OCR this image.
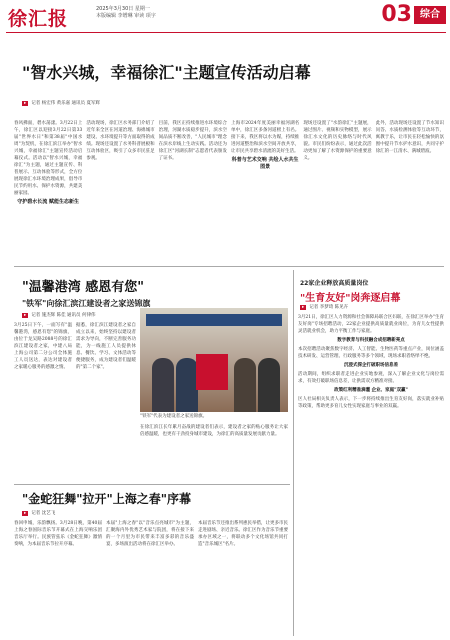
徐汇报	2025年3月30日 星期一
本版编辑 李增琳 审读 项宇	03 综合
"智水兴城，幸福徐汇"主题宣传活动启幕
▸ 记者 杨宏伟 黄乐嘉 通讯员 夏军辉

春风拂面，碧水荡漾。3月22日上午，徐汇区以迎接3月22日第33届"世界水日"和第38届"中国水周"为契机，在徐汇滨江举办"智水兴城，幸福徐汇"主题宣传活动启幕仪式。活动以"智水兴城，幸福徐汇"为主题，通过主题宣传、科普展示、互动体验等形式，全方位展现徐汇水环境治理成果，倡导市民节约用水、保护水资源，共建美丽家园。

守护碧水长流 赋能生态新生

活动现场，徐汇区水务部门介绍了近年来全区在河道治理、海绵城市建设、水环境提升等方面取得的成绩。现场还设置了水务科普展板和互动体验区，吸引了众多市民驻足参观。
目前，我区正持续推进水环境综合治理，河湖水质稳步提升，滨水空间品质不断改善，"人民城市"理念在滨水岸线上生动实践。活动还为徐汇区"河湖长制"志愿者代表颁发了证书。

上海市2024年度美丽幸福河湖名单中，徐汇区多条河道榜上有名。接下来，我区将以水为媒，持续推进河道整治和滨水空间开放共享，让市民共享碧水清流的美好生活。

科普与艺术交响 共绘人水共生图景

现场还设置了"水韵徐汇"主题展，通过图片、视频和实物模型，展示徐汇水文化的历史脉络与时代风貌。市民们纷纷表示，通过此次活动更加了解了水资源保护的重要意义。
此外，活动现场还设置了节水知识问答、水质检测体验等互动环节，寓教于乐，让市民在轻松愉快的氛围中提升节水护水意识，共同守护徐汇的一江清水、满城碧波。
"温馨港湾 感恩有您"
"铁军"向徐汇滨江建设者之家送锦旗
▸ 记者 施杰辉 陈佳 通讯员 何律伟
3月25日下午，一面写有"温馨港湾，感恩有您"的锦旗，由位于龙吴路2088号的徐汇滨江建设者之家，中建八局上海公司第二分公司全体施工人员送达，表达对建设者之家暖心服务的感激之情。
据悉，徐汇滨江建设者之家自成立以来，始终坚持以建设者需求为导向，不断完善服务功能，为一线施工人员提供休息、餐饮、学习、文体活动等便捷服务，成为建设者们温暖的"第二个家"。
"铁军"代表为建设者之家送锦旗。
在徐汇滨江长年累月奋战的建设者们表示，建设者之家的贴心服务让大家倍感温暖，也更有干劲投身城市建设，为徐汇的高质量发展贡献力量。
"金蛇狂舞"拉开"上海之春"序幕
▸ 记者 沈艺飞
春回申城，乐韵飘扬。3月28日晚，第40届上海之春国际音乐节开幕式在上海交响乐团音乐厅举行。民族管弦乐《金蛇狂舞》激情奏响，为本届音乐节拉开序幕。
本届"上海之春"以"音乐点亮城市"为主题，汇聚海内外优秀艺术家与院团，将在接下来的一个月里为市民带来丰富多彩的音乐盛宴，多场演出活动将在徐汇区举办。
本届音乐节还推出系列惠民举措，让更多市民走进剧场、亲近音乐。徐汇区作为音乐节重要承办区域之一，将联动多个文化场馆共同打造"音乐城区"名片。
22家企业释放高质量岗位
"生育友好"岗奔逐启幕
▸ 记者 李梦琦 陈见卉

3月21日，徐汇区人力资源和社会保障局联合区妇联，在徐汇区举办"生育友好岗"专场招聘活动，22家企业提供高质量就业岗位，为育儿女性提供灵活就业机会，助力平衡工作与家庭。

数字教育与科技融合成招聘新亮点

本次招聘活动聚焦数字经济、人工智能、生物医药等重点产业，岗位涵盖技术研发、运营管理、行政服务等多个领域，现场求职者络绎不绝。

沉浸式探企打破职场信息差

活动期间，组织求职者走进企业实地参观，深入了解企业文化与岗位需求，有效打破职场信息差，让供需双方精准对接。

政策红利精准滴灌 企业、家庭"双赢"

区人社局相关负责人表示，下一步将持续推出生育友好岗，落实就业补贴等政策，帮助更多育儿女性实现家庭与事业的双赢。
